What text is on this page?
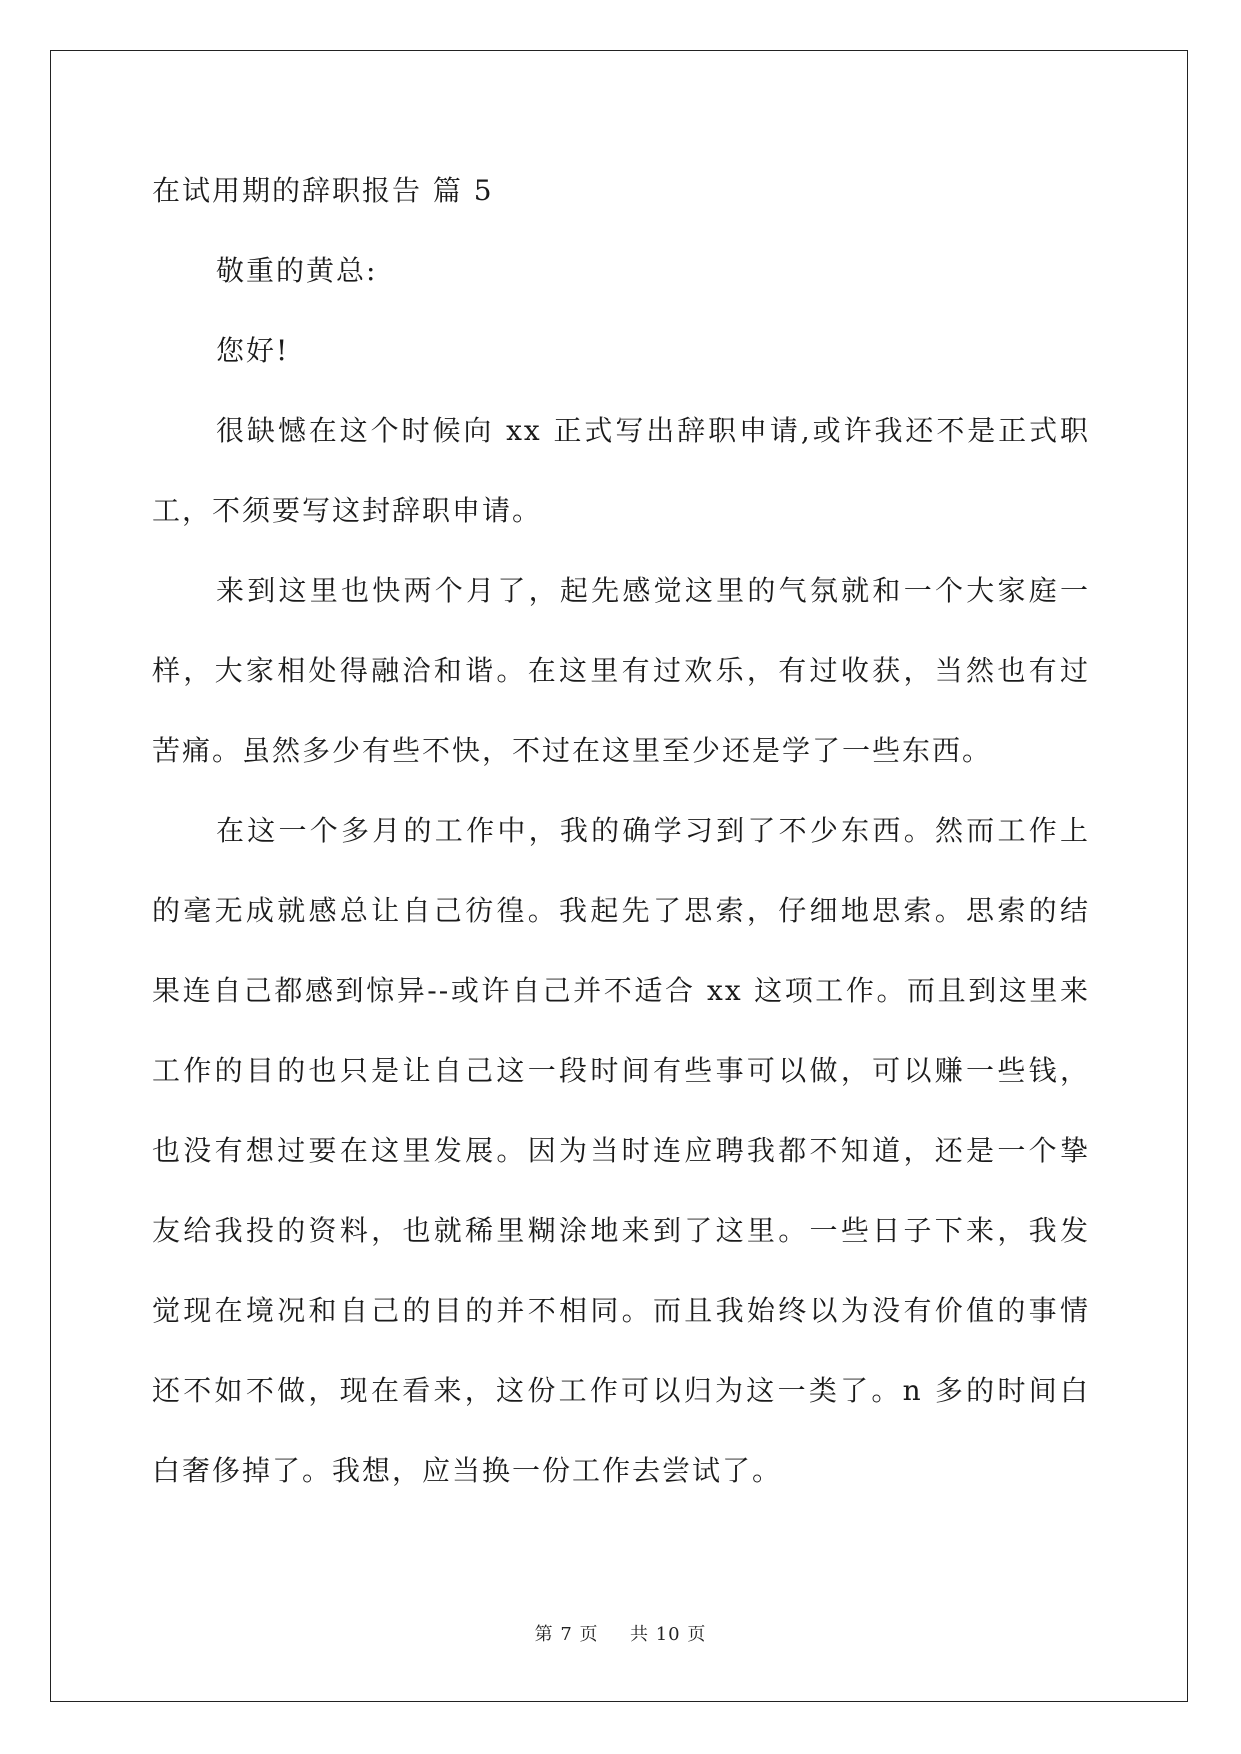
在试用期的辞职报告 篇 5
敬重的黄总:
您好!
很缺憾在这个时候向 xx 正式写出辞职申请,或许我还不是正式职
工，不须要写这封辞职申请。
来到这里也快两个月了，起先感觉这里的气氛就和一个大家庭一
样，大家相处得融洽和谐。在这里有过欢乐，有过收获，当然也有过
苦痛。虽然多少有些不快，不过在这里至少还是学了一些东西。
在这一个多月的工作中，我的确学习到了不少东西。然而工作上
的毫无成就感总让自己彷徨。我起先了思索，仔细地思索。思索的结
果连自己都感到惊异--或许自己并不适合 xx 这项工作。而且到这里来
工作的目的也只是让自己这一段时间有些事可以做，可以赚一些钱，
也没有想过要在这里发展。因为当时连应聘我都不知道，还是一个挚
友给我投的资料，也就稀里糊涂地来到了这里。一些日子下来，我发
觉现在境况和自己的目的并不相同。而且我始终以为没有价值的事情
还不如不做，现在看来，这份工作可以归为这一类了。n 多的时间白
白奢侈掉了。我想，应当换一份工作去尝试了。
第 7 页 共 10 页
